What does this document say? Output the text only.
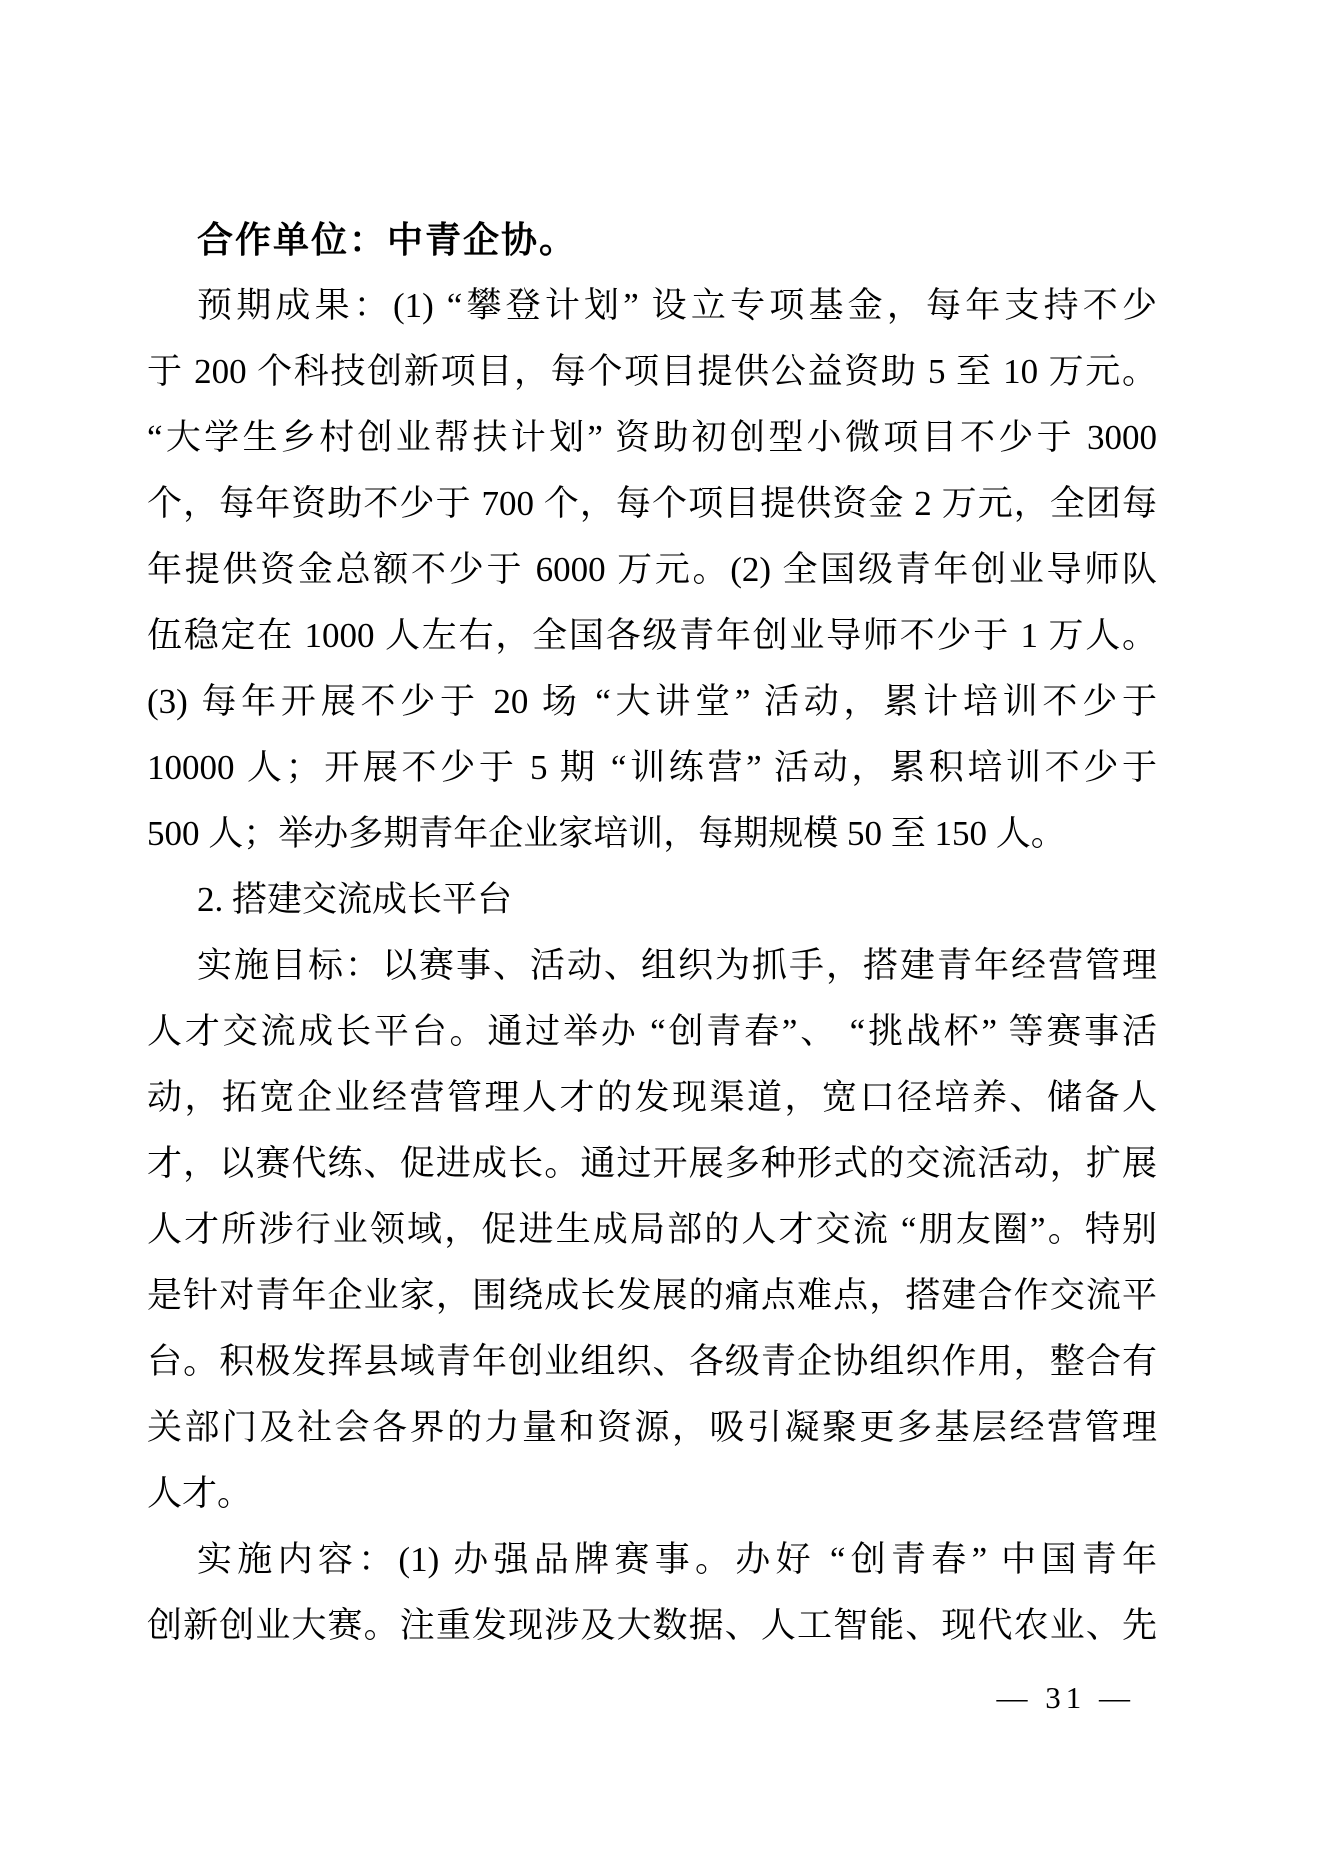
合作单位：中青企协。
预期成果：(1) “攀登计划” 设立专项基金，每年支持不少
于 200 个科技创新项目，每个项目提供公益资助 5 至 10 万元。
“大学生乡村创业帮扶计划” 资助初创型小微项目不少于 3000
个，每年资助不少于 700 个，每个项目提供资金 2 万元，全团每
年提供资金总额不少于 6000 万元。(2) 全国级青年创业导师队
伍稳定在 1000 人左右，全国各级青年创业导师不少于 1 万人。
(3) 每年开展不少于 20 场 “大讲堂” 活动，累计培训不少于
10000 人；开展不少于 5 期 “训练营” 活动，累积培训不少于
500 人；举办多期青年企业家培训，每期规模 50 至 150 人。
2. 搭建交流成长平台
实施目标：以赛事、活动、组织为抓手，搭建青年经营管理
人才交流成长平台。通过举办 “创青春”、 “挑战杯” 等赛事活
动，拓宽企业经营管理人才的发现渠道，宽口径培养、储备人
才，以赛代练、促进成长。通过开展多种形式的交流活动，扩展
人才所涉行业领域，促进生成局部的人才交流 “朋友圈”。特别
是针对青年企业家，围绕成长发展的痛点难点，搭建合作交流平
台。积极发挥县域青年创业组织、各级青企协组织作用，整合有
关部门及社会各界的力量和资源，吸引凝聚更多基层经营管理
人才。
实施内容：(1) 办强品牌赛事。办好 “创青春” 中国青年
创新创业大赛。注重发现涉及大数据、人工智能、现代农业、先
— 31 —
